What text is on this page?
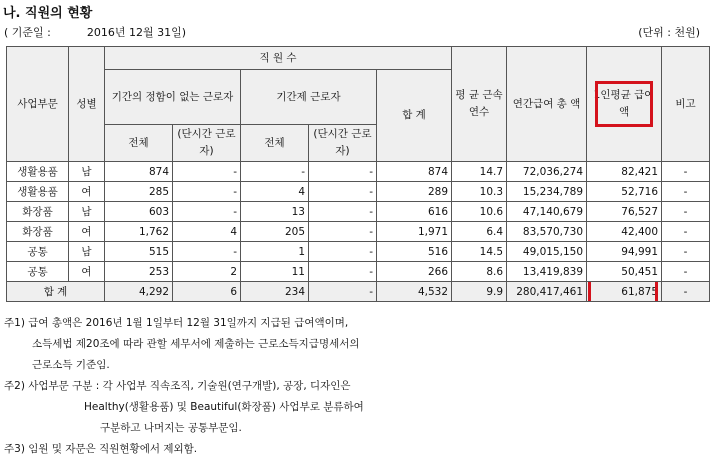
나. 직원의 현황
( 기준일 :	2016년 12월 31일)	(단위 : 천원)
사업부문	성별	직 원 수					평 균 근속연수	연간급여 총 액	1인평균 급여액	비고
		기간의 정함이 없는 근로자		기간제 근로자		합 계				
		전체	(단시간 근로자)	전체	(단시간 근로자)					
생활용품	남	874	-	-	-	874	14.7	72,036,274	82,421	-
생활용품	여	285	-	4	-	289	10.3	15,234,789	52,716	-
화장품	남	603	-	13	-	616	10.6	47,140,679	76,527	-
화장품	여	1,762	4	205	-	1,971	6.4	83,570,730	42,400	-
공통	남	515	-	1	-	516	14.5	49,015,150	94,991	-
공통	여	253	2	11	-	266	8.6	13,419,839	50,451	-
합 계		4,292	6	234	-	4,532	9.9	280,417,461	61,875	-
주1) 급여 총액은 2016년 1월 1일부터 12월 31일까지 지급된 급여액이며,
소득세법 제20조에 따라 관할 세무서에 제출하는 근로소득지급명세서의
근로소득 기준임.
주2) 사업부문 구분 : 각 사업부 직속조직, 기술원(연구개발), 공장, 디자인은
Healthy(생활용품) 및 Beautiful(화장품) 사업부로 분류하여
구분하고 나머지는 공통부문임.
주3) 임원 및 자문은 직원현황에서 제외함.
